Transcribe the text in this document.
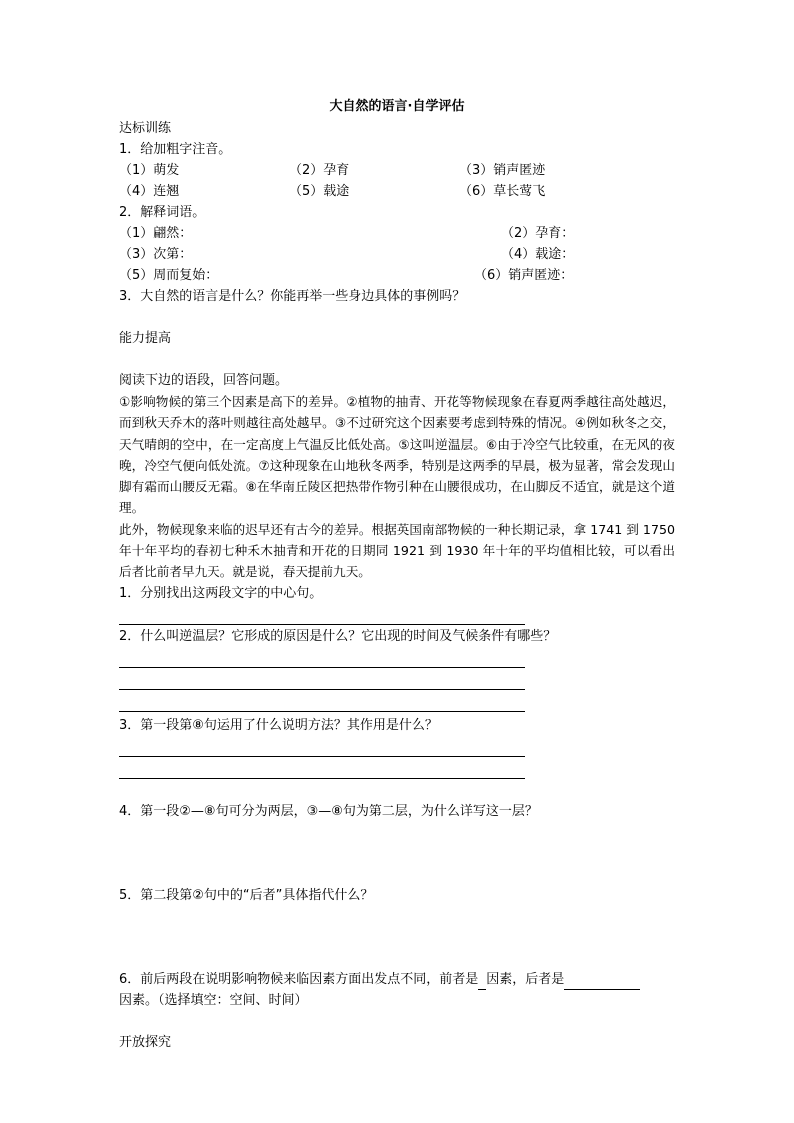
大自然的语言·自学评估
达标训练
1．给加粗字注音。
（1）萌发	（2）孕育	（3）销声匿迹
（4）连翘	（5）载途	（6）草长莺飞
2．解释词语。
（1）翩然：	（2）孕育：
（3）次第：	（4）载途：
（5）周而复始：	（6）销声匿迹：
3．大自然的语言是什么？你能再举一些身边具体的事例吗？
能力提高
阅读下边的语段，回答问题。
①影响物候的第三个因素是高下的差异。②植物的抽青、开花等物候现象在春夏两季越往高处越迟，而到秋天乔木的落叶则越往高处越早。③不过研究这个因素要考虑到特殊的情况。④例如秋冬之交，天气晴朗的空中，在一定高度上气温反比低处高。⑤这叫逆温层。⑥由于冷空气比较重，在无风的夜晚，冷空气便向低处流。⑦这种现象在山地秋冬两季，特别是这两季的早晨，极为显著，常会发现山脚有霜而山腰反无霜。⑧在华南丘陵区把热带作物引种在山腰很成功，在山脚反不适宜，就是这个道理。
此外，物候现象来临的迟早还有古今的差异。根据英国南部物候的一种长期记录，拿 1741 到 1750 年十年平均的春初七种禾木抽青和开花的日期同 1921 到 1930 年十年的平均值相比较，可以看出后者比前者早九天。就是说，春天提前九天。
1．分别找出这两段文字的中心句。
2．什么叫逆温层？它形成的原因是什么？它出现的时间及气候条件有哪些？
3．第一段第⑧句运用了什么说明方法？其作用是什么？
4．第一段②—⑧句可分为两层，③—⑧句为第二层，为什么详写这一层？
5．第二段第②句中的“后者”具体指代什么？
6．前后两段在说明影响物候来临因素方面出发点不同，前者是 因素，后者是
因素。（选择填空：空间、时间）
开放探究
